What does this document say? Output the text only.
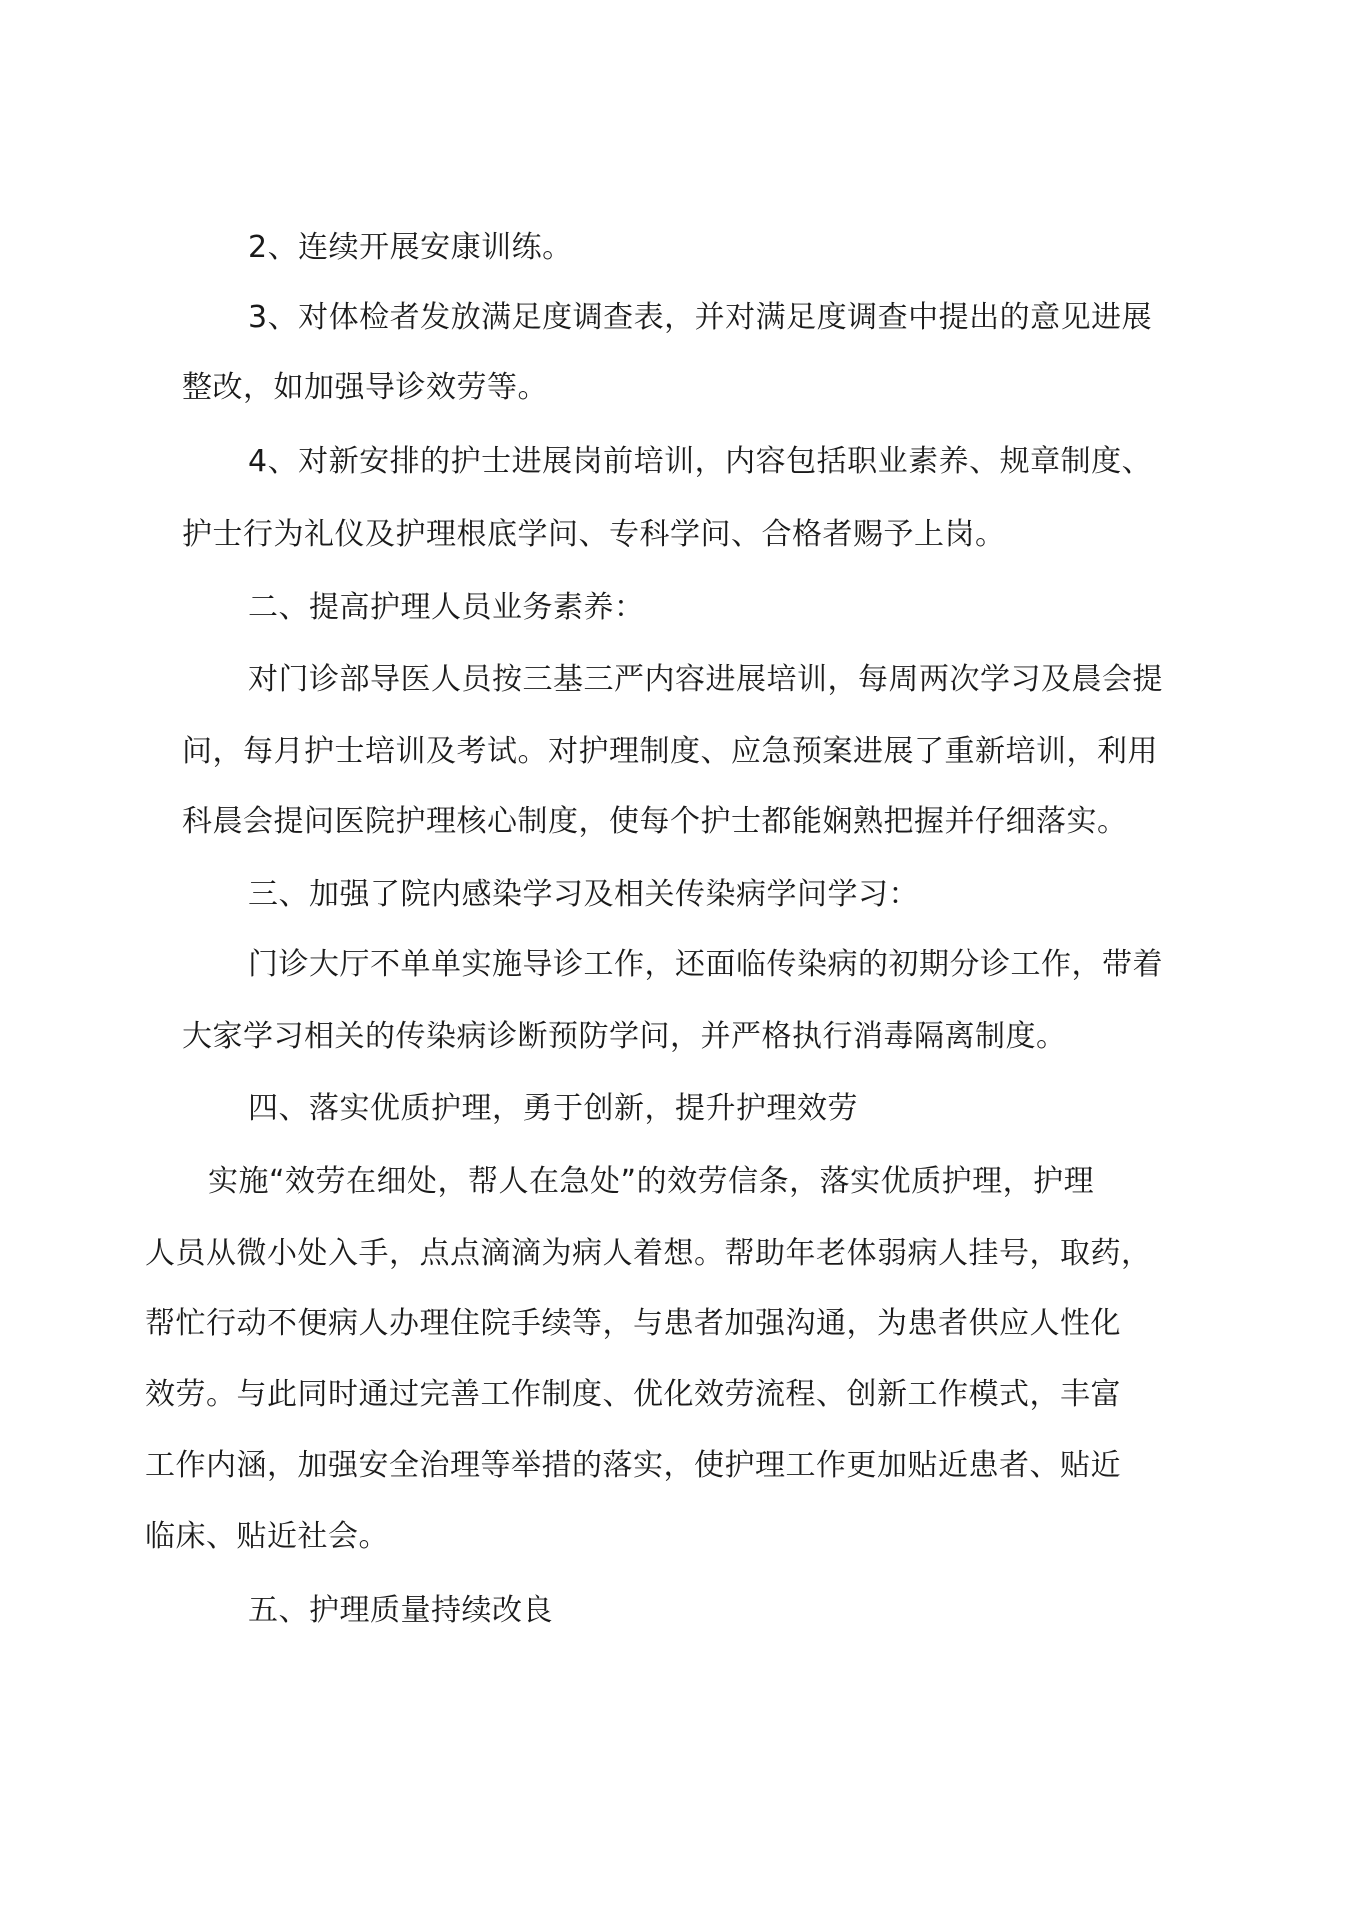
2、连续开展安康训练。

3、对体检者发放满足度调查表，并对满足度调查中提出的意见进展

整改，如加强导诊效劳等。

4、对新安排的护士进展岗前培训，内容包括职业素养、规章制度、

护士行为礼仪及护理根底学问、专科学问、合格者赐予上岗。

二、提高护理人员业务素养：

对门诊部导医人员按三基三严内容进展培训，每周两次学习及晨会提

问，每月护士培训及考试。对护理制度、应急预案进展了重新培训，利用

科晨会提问医院护理核心制度，使每个护士都能娴熟把握并仔细落实。

三、加强了院内感染学习及相关传染病学问学习：

门诊大厅不单单实施导诊工作，还面临传染病的初期分诊工作，带着

大家学习相关的传染病诊断预防学问，并严格执行消毒隔离制度。

四、落实优质护理，勇于创新，提升护理效劳

实施“效劳在细处，帮人在急处”的效劳信条，落实优质护理，护理

人员从微小处入手，点点滴滴为病人着想。帮助年老体弱病人挂号，取药，

帮忙行动不便病人办理住院手续等，与患者加强沟通，为患者供应人性化

效劳。与此同时通过完善工作制度、优化效劳流程、创新工作模式，丰富

工作内涵，加强安全治理等举措的落实，使护理工作更加贴近患者、贴近

临床、贴近社会。

五、护理质量持续改良
